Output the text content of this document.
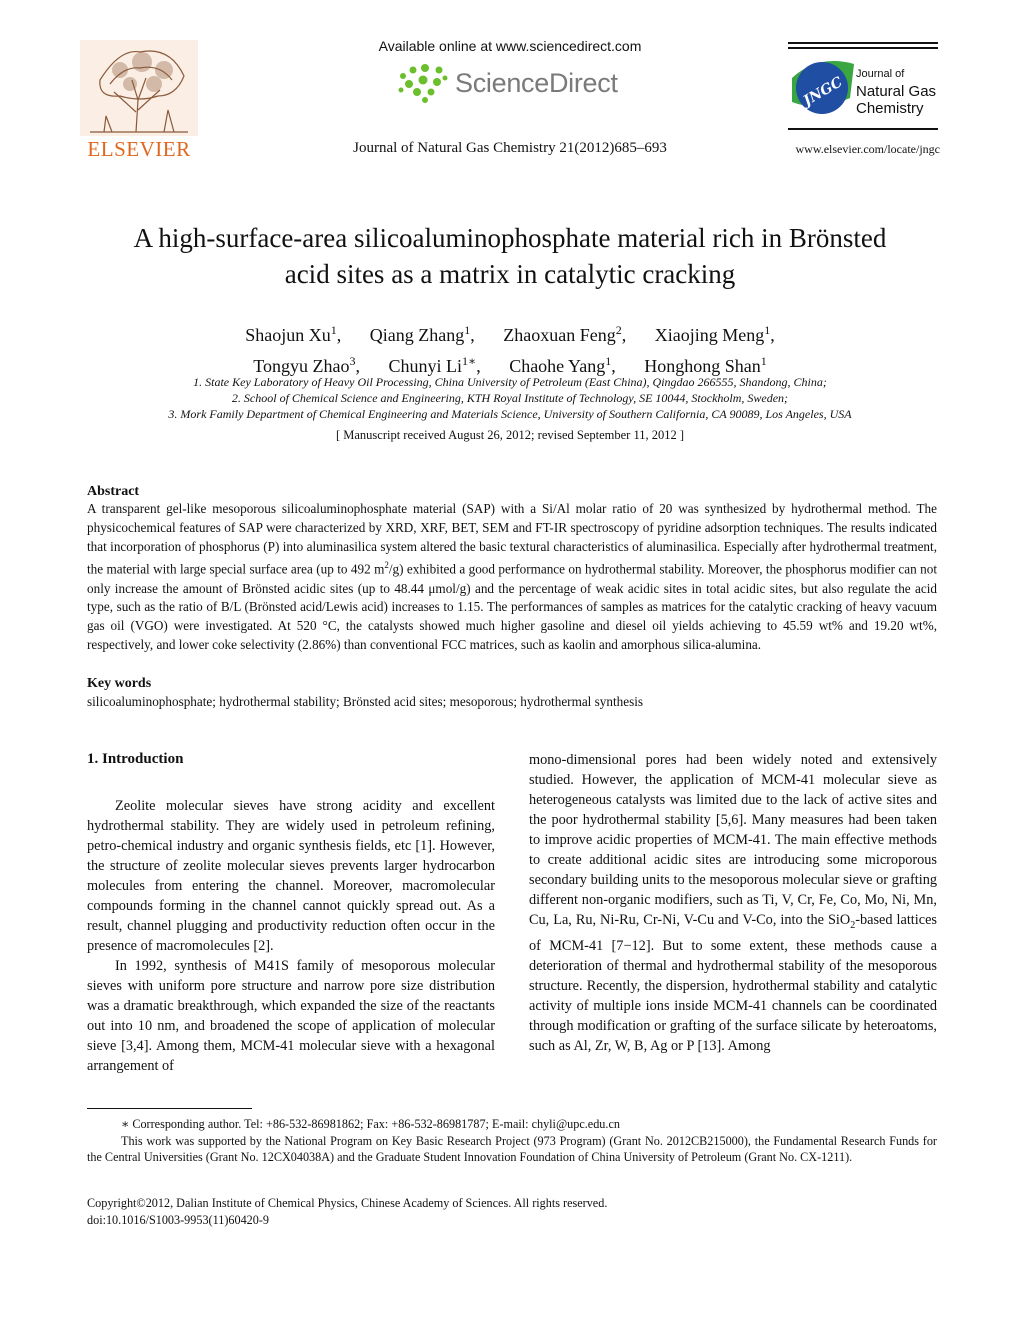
ELSEVIER
Available online at www.sciencedirect.com
ScienceDirect
Journal of Natural Gas Chemistry 21(2012)685–693
JNGC
Journal of
Natural Gas
Chemistry
www.elsevier.com/locate/jngc
A high-surface-area silicoaluminophosphate material rich in Brönsted
acid sites as a matrix in catalytic cracking
Shaojun Xu$^1$, Qiang Zhang$^1$, Zhaoxuan Feng$^2$, Xiaojing Meng$^1$,
Tongyu Zhao$^3$, Chunyi $Li^{1∗}$, Chaohe Yang$^1$, Honghong Shan$^1$
1. State Key Laboratory of Heavy Oil Processing, China University of Petroleum (East China), Qingdao 266555, Shandong, China;
2. School of Chemical Science and Engineering, KTH Royal Institute of Technology, SE 10044, Stockholm, Sweden;
3. Mork Family Department of Chemical Engineering and Materials Science, University of Southern California, CA 90089, Los Angeles, USA
[ Manuscript received August 26, 2012; revised September 11, 2012 ]
Abstract
A transparent gel-like mesoporous silicoaluminophosphate material (SAP) with a Si/Al molar ratio of 20 was synthesized by hydrothermal method. The physicochemical features of SAP were characterized by XRD, XRF, BET, SEM and FT-IR spectroscopy of pyridine adsorption techniques. The results indicated that incorporation of phosphorus (P) into aluminasilica system altered the basic textural characteristics of aluminasilica. Especially after hydrothermal treatment, the material with large special surface area (up to 492 $m^2/g$) exhibited a good performance on hydrothermal stability. Moreover, the phosphorus modifier can not only increase the amount of Brönsted acidic sites (up to 48.44 μmol/g) and the percentage of weak acidic sites in total acidic sites, but also regulate the acid type, such as the ratio of B/L (Brönsted acid/Lewis acid) increases to 1.15. The performances of samples as matrices for the catalytic cracking of heavy vacuum gas oil (VGO) were investigated. At 520 °C, the catalysts showed much higher gasoline and diesel oil yields achieving to 45.59 wt% and 19.20 wt%, respectively, and lower coke selectivity (2.86%) than conventional FCC matrices, such as kaolin and amorphous silica-alumina.
Key words
silicoaluminophosphate; hydrothermal stability; Brönsted acid sites; mesoporous; hydrothermal synthesis
1. Introduction

Zeolite molecular sieves have strong acidity and excellent hydrothermal stability. They are widely used in petroleum refining, petro-chemical industry and organic synthesis fields, etc [1]. However, the structure of zeolite molecular sieves prevents larger hydrocarbon molecules from entering the channel. Moreover, macromolecular compounds forming in the channel cannot quickly spread out. As a result, channel plugging and productivity reduction often occur in the presence of macromolecules [2].

In 1992, synthesis of M41S family of mesoporous molecular sieves with uniform pore structure and narrow pore size distribution was a dramatic breakthrough, which expanded the size of the reactants out into 10 nm, and broadened the scope of application of molecular sieve [3,4]. Among them, MCM-41 molecular sieve with a hexagonal arrangement of

mono-dimensional pores had been widely noted and extensively studied. However, the application of MCM-41 molecular sieve as heterogeneous catalysts was limited due to the lack of active sites and the poor hydrothermal stability [5,6]. Many measures had been taken to improve acidic properties of MCM-41. The main effective methods to create additional acidic sites are introducing some microporous secondary building units to the mesoporous molecular sieve or grafting different non-organic modifiers, such as Ti, V, Cr, Fe, Co, Mo, Ni, Mn, Cu, La, Ru, Ni-Ru, Cr-Ni, V-Cu and V-Co, into the SiO$_2$-based lattices of MCM-41 [7−12]. But to some extent, these methods cause a deterioration of thermal and hydrothermal stability of the mesoporous structure. Recently, the dispersion, hydrothermal stability and catalytic activity of multiple ions inside MCM-41 channels can be coordinated through modification or grafting of the surface silicate by heteroatoms, such as Al, Zr, W, B, Ag or P [13]. Among

∗ Corresponding author. Tel: +86-532-86981862; Fax: +86-532-86981787; E-mail: chyli@upc.edu.cn
This work was supported by the National Program on Key Basic Research Project (973 Program) (Grant No. 2012CB215000), the Fundamental Research Funds for the Central Universities (Grant No. 12CX04038A) and the Graduate Student Innovation Foundation of China University of Petroleum (Grant No. CX-1211).
Copyright©2012, Dalian Institute of Chemical Physics, Chinese Academy of Sciences. All rights reserved.
doi:10.1016/S1003-9953(11)60420-9
